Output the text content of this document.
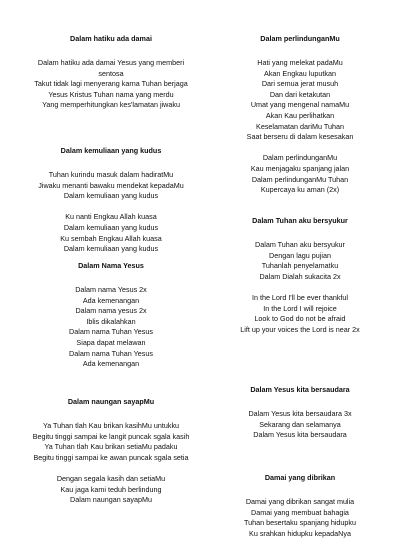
Dalam hatiku ada damai
Dalam hatiku ada damai Yesus yang memberi
sentosa
Takut tidak lagi menyerang karna Tuhan berjaga
Yesus Kristus Tuhan nama yang merdu
Yang memperhitungkan kes'lamatan jiwaku
Dalam kemuliaan yang kudus
Tuhan kurindu masuk dalam hadiratMu
Jiwaku menanti bawaku mendekat kepadaMu
Dalam kemuliaan yang kudus
Ku nanti Engkau Allah kuasa
Dalam kemuliaan yang kudus
Ku sembah Engkau Allah kuasa
Dalam kemuliaan yang kudus
Dalam Nama Yesus
Dalam nama Yesus 2x
Ada kemenangan
Dalam nama yesus 2x
Iblis dikalahkan
Dalam nama Tuhan Yesus
Siapa dapat melawan
Dalam nama Tuhan Yesus
Ada kemenangan
Dalam naungan sayapMu
Ya Tuhan tlah Kau brikan kasihMu untukku
Begitu tinggi sampai ke langit puncak sgala kasih
Ya Tuhan tlah Kau brikan setiaMu padaku
Begitu tinggi sampai ke awan puncak sgala setia
Dengan segala kasih dan setiaMu
Kau jaga kami teduh berlindung
Dalam naungan sayapMu
Dalam perlindunganMu
Hati yang melekat padaMu
Akan Engkau luputkan
Dari semua jerat musuh
Dan dari ketakutan
Umat yang mengenal namaMu
Akan Kau perlihatkan
Keselamatan dariMu Tuhan
Saat berseru di dalam kesesakan
Dalam perlindunganMu
Kau menjagaku spanjang jalan
Dalam perlindunganMu Tuhan
Kupercaya ku aman (2x)
Dalam Tuhan aku bersyukur
Dalam Tuhan aku bersyukur
Dengan lagu pujian
Tuhanlah penyelamatku
Dalam Dialah sukacita 2x
In the Lord I'll be ever thankful
In the Lord I will rejoice
Look to God do not be afraid
Lift up your voices the Lord is near 2x
Dalam Yesus kita bersaudara
Dalam Yesus kita bersaudara 3x
Sekarang dan selamanya
Dalam Yesus kita bersaudara
Damai yang dibrikan
Damai yang dibrikan sangat mulia
Damai yang membuat bahagia
Tuhan besertaku spanjang hidupku
Ku srahkan hidupku kepadaNya
